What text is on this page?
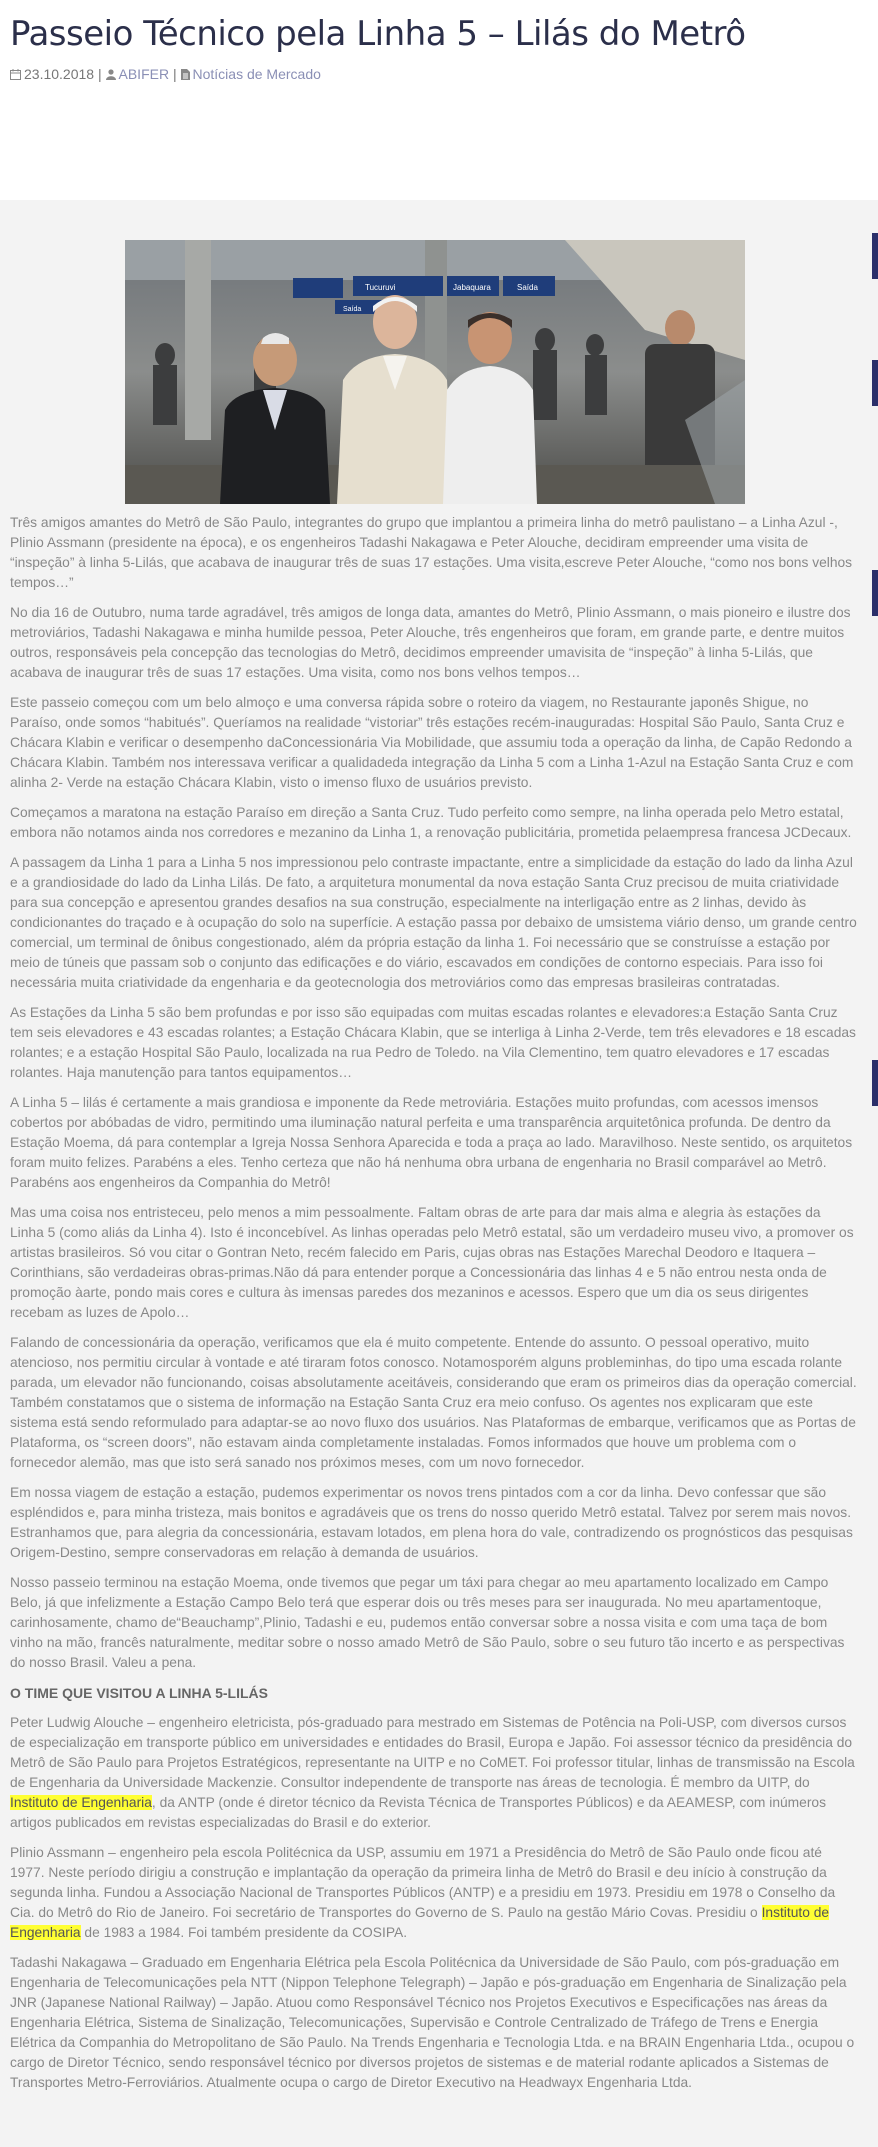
Passeio Técnico pela Linha 5 – Lilás do Metrô
23.10.2018 | ABIFER | Notícias de Mercado
Tucuruvi	Jabaquara	Saída
Saída

Três amigos amantes do Metrô de São Paulo, integrantes do grupo que implantou a primeira linha do metrô paulistano – a Linha Azul -, Plinio Assmann (presidente na época), e os engenheiros Tadashi Nakagawa e Peter Alouche, decidiram empreender uma visita de “inspeção” à linha 5-Lilás, que acabava de inaugurar três de suas 17 estações. Uma visita,escreve Peter Alouche, “como nos bons velhos tempos…”

No dia 16 de Outubro, numa tarde agradável, três amigos de longa data, amantes do Metrô, Plinio Assmann, o mais pioneiro e ilustre dos metroviários, Tadashi Nakagawa e minha humilde pessoa, Peter Alouche, três engenheiros que foram, em grande parte, e dentre muitos outros, responsáveis pela concepção das tecnologias do Metrô, decidimos empreender umavisita de “inspeção” à linha 5-Lilás, que acabava de inaugurar três de suas 17 estações. Uma visita, como nos bons velhos tempos…

Este passeio começou com um belo almoço e uma conversa rápida sobre o roteiro da viagem, no Restaurante japonês Shigue, no Paraíso, onde somos “habitués”. Queríamos na realidade “vistoriar” três estações recém-inauguradas: Hospital São Paulo, Santa Cruz e Chácara Klabin e verificar o desempenho daConcessionária Via Mobilidade, que assumiu toda a operação da linha, de Capão Redondo a Chácara Klabin. Também nos interessava verificar a qualidadeda integração da Linha 5 com a Linha 1-Azul na Estação Santa Cruz e com alinha 2- Verde na estação Chácara Klabin, visto o imenso fluxo de usuários previsto.

Começamos a maratona na estação Paraíso em direção a Santa Cruz. Tudo perfeito como sempre, na linha operada pelo Metro estatal, embora não notamos ainda nos corredores e mezanino da Linha 1, a renovação publicitária, prometida pelaempresa francesa JCDecaux.

A passagem da Linha 1 para a Linha 5 nos impressionou pelo contraste impactante, entre a simplicidade da estação do lado da linha Azul e a grandiosidade do lado da Linha Lilás. De fato, a arquitetura monumental da nova estação Santa Cruz precisou de muita criatividade para sua concepção e apresentou grandes desafios na sua construção, especialmente na interligação entre as 2 linhas, devido às condicionantes do traçado e à ocupação do solo na superfície. A estação passa por debaixo de umsistema viário denso, um grande centro comercial, um terminal de ônibus congestionado, além da própria estação da linha 1. Foi necessário que se construísse a estação por meio de túneis que passam sob o conjunto das edificações e do viário, escavados em condições de contorno especiais. Para isso foi necessária muita criatividade da engenharia e da geotecnologia dos metroviários como das empresas brasileiras contratadas.

As Estações da Linha 5 são bem profundas e por isso são equipadas com muitas escadas rolantes e elevadores:a Estação Santa Cruz tem seis elevadores e 43 escadas rolantes; a Estação Chácara Klabin, que se interliga à Linha 2-Verde, tem três elevadores e 18 escadas rolantes; e a estação Hospital São Paulo, localizada na rua Pedro de Toledo. na Vila Clementino, tem quatro elevadores e 17 escadas rolantes. Haja manutenção para tantos equipamentos…

A Linha 5 – lilás é certamente a mais grandiosa e imponente da Rede metroviária. Estações muito profundas, com acessos imensos cobertos por abóbadas de vidro, permitindo uma iluminação natural perfeita e uma transparência arquitetônica profunda. De dentro da Estação Moema, dá para contemplar a Igreja Nossa Senhora Aparecida e toda a praça ao lado. Maravilhoso. Neste sentido, os arquitetos foram muito felizes. Parabéns a eles. Tenho certeza que não há nenhuma obra urbana de engenharia no Brasil comparável ao Metrô. Parabéns aos engenheiros da Companhia do Metrô!

Mas uma coisa nos entristeceu, pelo menos a mim pessoalmente. Faltam obras de arte para dar mais alma e alegria às estações da Linha 5 (como aliás da Linha 4). Isto é inconcebível. As linhas operadas pelo Metrô estatal, são um verdadeiro museu vivo, a promover os artistas brasileiros. Só vou citar o Gontran Neto, recém falecido em Paris, cujas obras nas Estações Marechal Deodoro e Itaquera – Corinthians, são verdadeiras obras-primas.Não dá para entender porque a Concessionária das linhas 4 e 5 não entrou nesta onda de promoção àarte, pondo mais cores e cultura às imensas paredes dos mezaninos e acessos. Espero que um dia os seus dirigentes recebam as luzes de Apolo…

Falando de concessionária da operação, verificamos que ela é muito competente. Entende do assunto. O pessoal operativo, muito atencioso, nos permitiu circular à vontade e até tiraram fotos conosco. Notamosporém alguns probleminhas, do tipo uma escada rolante parada, um elevador não funcionando, coisas absolutamente aceitáveis, considerando que eram os primeiros dias da operação comercial. Também constatamos que o sistema de informação na Estação Santa Cruz era meio confuso. Os agentes nos explicaram que este sistema está sendo reformulado para adaptar-se ao novo fluxo dos usuários. Nas Plataformas de embarque, verificamos que as Portas de Plataforma, os “screen doors”, não estavam ainda completamente instaladas. Fomos informados que houve um problema com o fornecedor alemão, mas que isto será sanado nos próximos meses, com um novo fornecedor.

Em nossa viagem de estação a estação, pudemos experimentar os novos trens pintados com a cor da linha. Devo confessar que são espléndidos e, para minha tristeza, mais bonitos e agradáveis que os trens do nosso querido Metrô estatal. Talvez por serem mais novos. Estranhamos que, para alegria da concessionária, estavam lotados, em plena hora do vale, contradizendo os prognósticos das pesquisas Origem-Destino, sempre conservadoras em relação à demanda de usuários.

Nosso passeio terminou na estação Moema, onde tivemos que pegar um táxi para chegar ao meu apartamento localizado em Campo Belo, já que infelizmente a Estação Campo Belo terá que esperar dois ou três meses para ser inaugurada. No meu apartamentoque, carinhosamente, chamo de“Beauchamp”,Plinio, Tadashi e eu, pudemos então conversar sobre a nossa visita e com uma taça de bom vinho na mão, francês naturalmente, meditar sobre o nosso amado Metrô de São Paulo, sobre o seu futuro tão incerto e as perspectivas do nosso Brasil. Valeu a pena.

O TIME QUE VISITOU A LINHA 5-LILÁS

Peter Ludwig Alouche – engenheiro eletricista, pós-graduado para mestrado em Sistemas de Potência na Poli-USP, com diversos cursos de especialização em transporte público em universidades e entidades do Brasil, Europa e Japão. Foi assessor técnico da presidência do Metrô de São Paulo para Projetos Estratégicos, representante na UITP e no CoMET. Foi professor titular, linhas de transmissão na Escola de Engenharia da Universidade Mackenzie. Consultor independente de transporte nas áreas de tecnologia. É membro da UITP, do Instituto de Engenharia, da ANTP (onde é diretor técnico da Revista Técnica de Transportes Públicos) e da AEAMESP, com inúmeros artigos publicados em revistas especializadas do Brasil e do exterior.

Plinio Assmann – engenheiro pela escola Politécnica da USP, assumiu em 1971 a Presidência do Metrô de São Paulo onde ficou até 1977. Neste período dirigiu a construção e implantação da operação da primeira linha de Metrô do Brasil e deu início à construção da segunda linha. Fundou a Associação Nacional de Transportes Públicos (ANTP) e a presidiu em 1973. Presidiu em 1978 o Conselho da Cia. do Metrô do Rio de Janeiro. Foi secretário de Transportes do Governo de S. Paulo na gestão Mário Covas. Presidiu o Instituto de Engenharia de 1983 a 1984. Foi também presidente da COSIPA.

Tadashi Nakagawa – Graduado em Engenharia Elétrica pela Escola Politécnica da Universidade de São Paulo, com pós-graduação em Engenharia de Telecomunicações pela NTT (Nippon Telephone Telegraph) – Japão e pós-graduação em Engenharia de Sinalização pela JNR (Japanese National Railway) – Japão. Atuou como Responsável Técnico nos Projetos Executivos e Especificações nas áreas da Engenharia Elétrica, Sistema de Sinalização, Telecomunicações, Supervisão e Controle Centralizado de Tráfego de Trens e Energia Elétrica da Companhia do Metropolitano de São Paulo. Na Trends Engenharia e Tecnologia Ltda. e na BRAIN Engenharia Ltda., ocupou o cargo de Diretor Técnico, sendo responsável técnico por diversos projetos de sistemas e de material rodante aplicados a Sistemas de Transportes Metro-Ferroviários. Atualmente ocupa o cargo de Diretor Executivo na Headwayx Engenharia Ltda.
